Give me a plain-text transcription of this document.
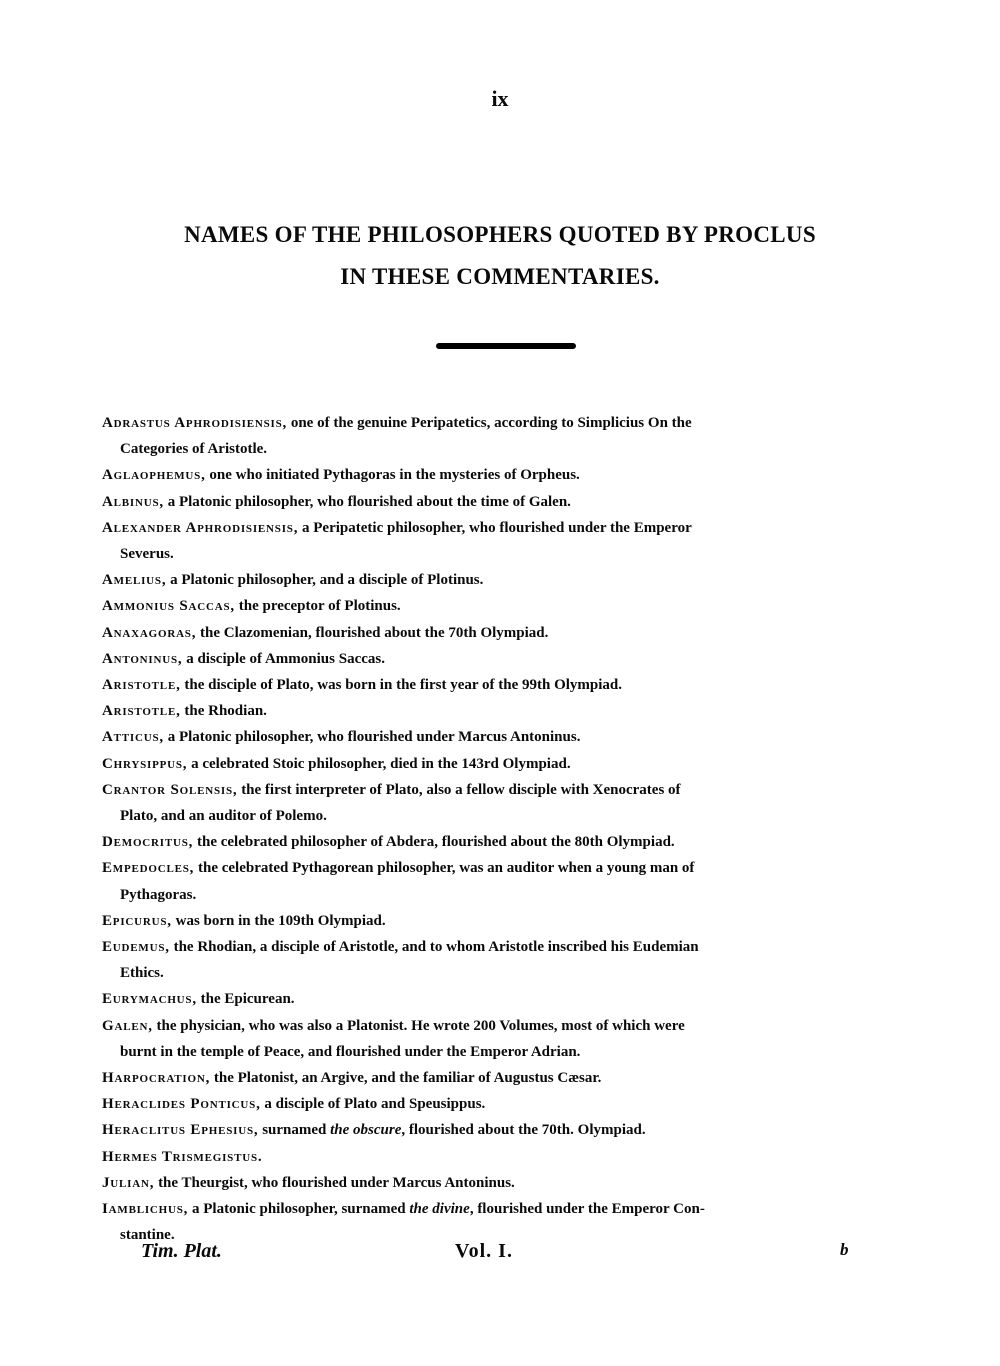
ix
NAMES OF THE PHILOSOPHERS QUOTED BY PROCLUS
IN THESE COMMENTARIES.
Adrastus Aphrodisiensis, one of the genuine Peripatetics, according to Simplicius On the
Categories of Aristotle.
Aglaophemus, one who initiated Pythagoras in the mysteries of Orpheus.
Albinus, a Platonic philosopher, who flourished about the time of Galen.
Alexander Aphrodisiensis, a Peripatetic philosopher, who flourished under the Emperor
Severus.
Amelius, a Platonic philosopher, and a disciple of Plotinus.
Ammonius Saccas, the preceptor of Plotinus.
Anaxagoras, the Clazomenian, flourished about the 70th Olympiad.
Antoninus, a disciple of Ammonius Saccas.
Aristotle, the disciple of Plato, was born in the first year of the 99th Olympiad.
Aristotle, the Rhodian.
Atticus, a Platonic philosopher, who flourished under Marcus Antoninus.
Chrysippus, a celebrated Stoic philosopher, died in the 143rd Olympiad.
Crantor Solensis, the first interpreter of Plato, also a fellow disciple with Xenocrates of
Plato, and an auditor of Polemo.
Democritus, the celebrated philosopher of Abdera, flourished about the 80th Olympiad.
Empedocles, the celebrated Pythagorean philosopher, was an auditor when a young man of
Pythagoras.
Epicurus, was born in the 109th Olympiad.
Eudemus, the Rhodian, a disciple of Aristotle, and to whom Aristotle inscribed his Eudemian
Ethics.
Eurymachus, the Epicurean.
Galen, the physician, who was also a Platonist. He wrote 200 Volumes, most of which were
burnt in the temple of Peace, and flourished under the Emperor Adrian.
Harpocration, the Platonist, an Argive, and the familiar of Augustus Cæsar.
Heraclides Ponticus, a disciple of Plato and Speusippus.
Heraclitus Ephesius, surnamed the obscure, flourished about the 70th. Olympiad.
Hermes Trismegistus.
Julian, the Theurgist, who flourished under Marcus Antoninus.
Iamblichus, a Platonic philosopher, surnamed the divine, flourished under the Emperor Con-
stantine.
Tim. Plat.	Vol. I.	b
